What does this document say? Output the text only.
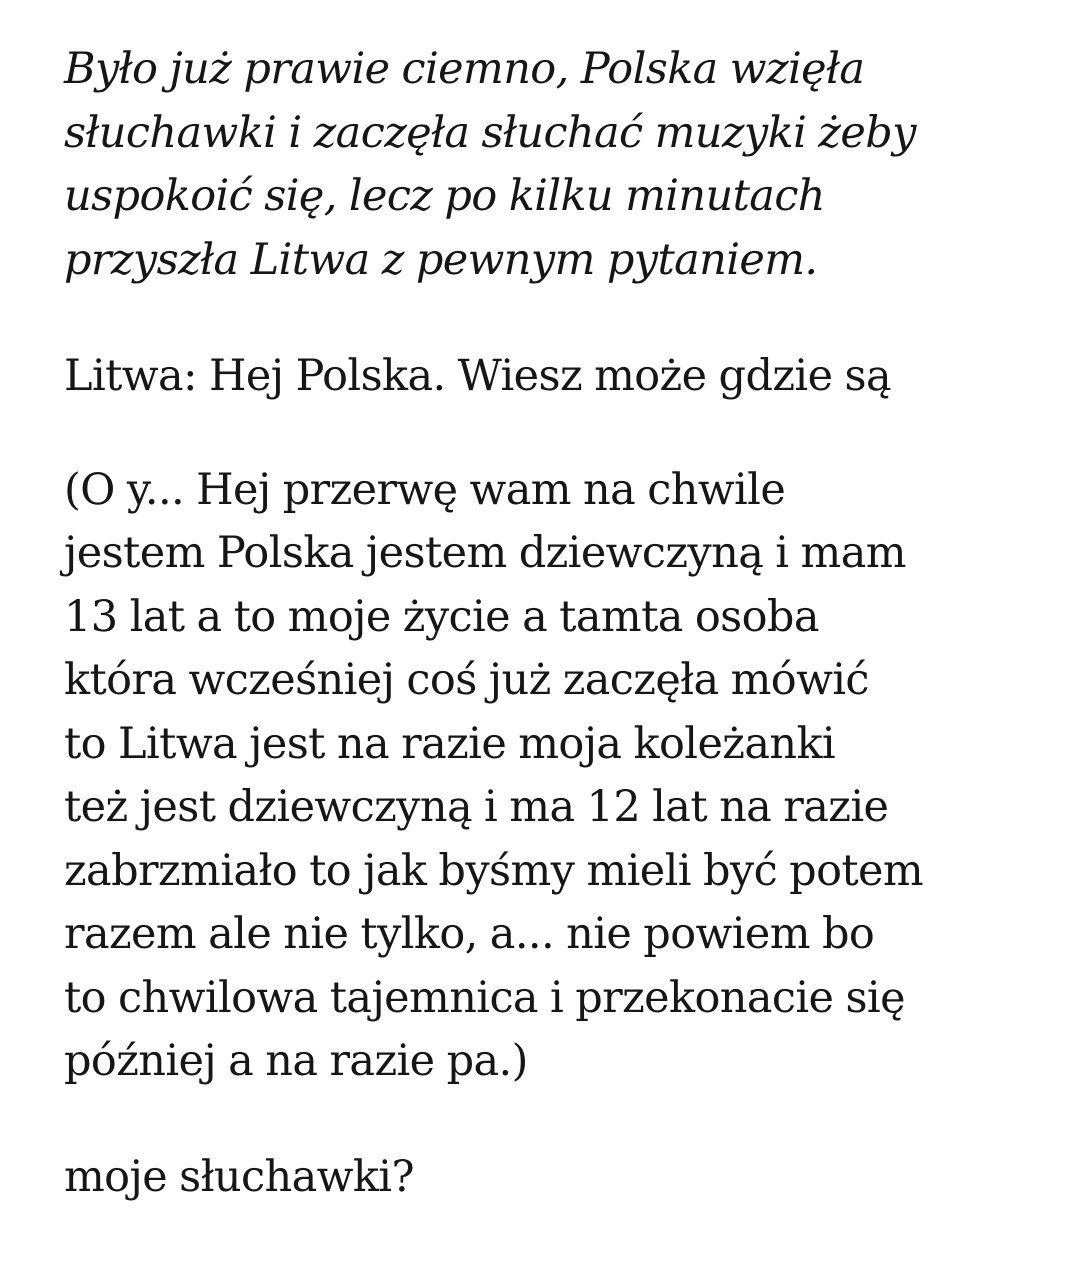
Było już prawie ciemno, Polska wzięła
słuchawki i zaczęła słuchać muzyki żeby
uspokoić się, lecz po kilku minutach
przyszła Litwa z pewnym pytaniem.

Litwa: Hej Polska. Wiesz może gdzie są

(O y... Hej przerwę wam na chwile
jestem Polska jestem dziewczyną i mam
13 lat a to moje życie a tamta osoba
która wcześniej coś już zaczęła mówić
to Litwa jest na razie moja koleżanki
też jest dziewczyną i ma 12 lat na razie
zabrzmiało to jak byśmy mieli być potem
razem ale nie tylko, a... nie powiem bo
to chwilowa tajemnica i przekonacie się
później a na razie pa.)

moje słuchawki?
